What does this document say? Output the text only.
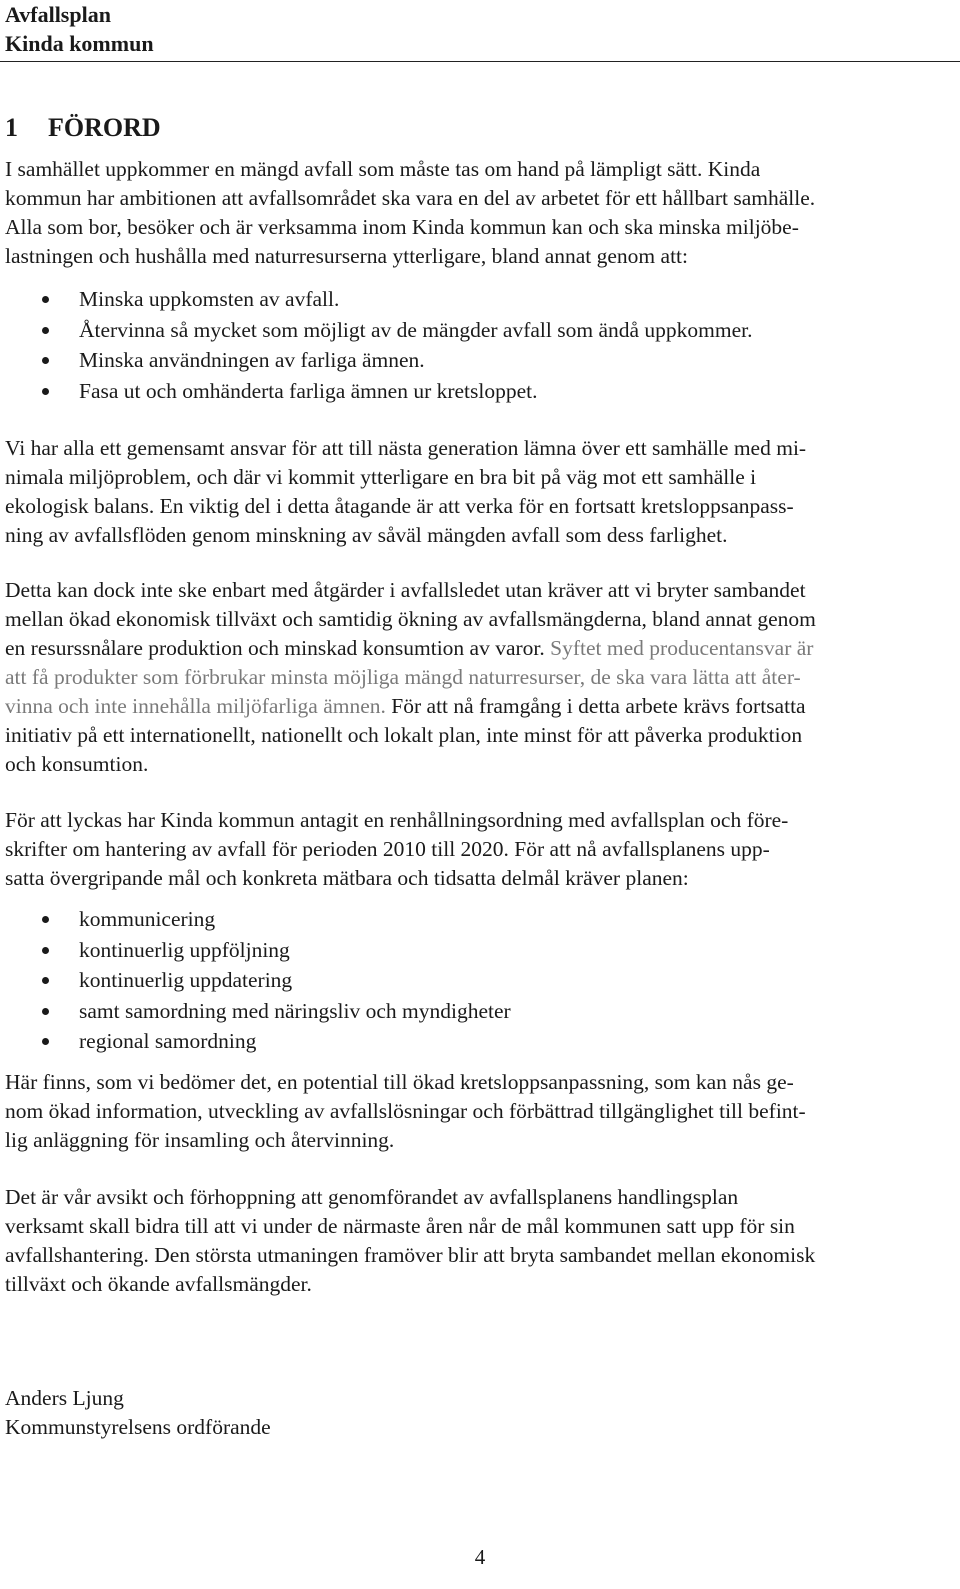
Avfallsplan
Kinda kommun
1 FÖRORD
I samhället uppkommer en mängd avfall som måste tas om hand på lämpligt sätt. Kinda
kommun har ambitionen att avfallsområdet ska vara en del av arbetet för ett hållbart samhälle.
Alla som bor, besöker och är verksamma inom Kinda kommun kan och ska minska miljöbe-
lastningen och hushålla med naturresurserna ytterligare, bland annat genom att:
Minska uppkomsten av avfall.
Återvinna så mycket som möjligt av de mängder avfall som ändå uppkommer.
Minska användningen av farliga ämnen.
Fasa ut och omhänderta farliga ämnen ur kretsloppet.
Vi har alla ett gemensamt ansvar för att till nästa generation lämna över ett samhälle med mi-
nimala miljöproblem, och där vi kommit ytterligare en bra bit på väg mot ett samhälle i
ekologisk balans. En viktig del i detta åtagande är att verka för en fortsatt kretsloppsanpass-
ning av avfallsflöden genom minskning av såväl mängden avfall som dess farlighet.
Detta kan dock inte ske enbart med åtgärder i avfallsledet utan kräver att vi bryter sambandet
mellan ökad ekonomisk tillväxt och samtidig ökning av avfallsmängderna, bland annat genom
en resurssnålare produktion och minskad konsumtion av varor. Syftet med producentansvar är
att få produkter som förbrukar minsta möjliga mängd naturresurser, de ska vara lätta att åter-
vinna och inte innehålla miljöfarliga ämnen. För att nå framgång i detta arbete krävs fortsatta
initiativ på ett internationellt, nationellt och lokalt plan, inte minst för att påverka produktion
och konsumtion.
För att lyckas har Kinda kommun antagit en renhållningsordning med avfallsplan och före-
skrifter om hantering av avfall för perioden 2010 till 2020. För att nå avfallsplanens upp-
satta övergripande mål och konkreta mätbara och tidsatta delmål kräver planen:
kommunicering
kontinuerlig uppföljning
kontinuerlig uppdatering
samt samordning med näringsliv och myndigheter
regional samordning
Här finns, som vi bedömer det, en potential till ökad kretsloppsanpassning, som kan nås ge-
nom ökad information, utveckling av avfallslösningar och förbättrad tillgänglighet till befint-
lig anläggning för insamling och återvinning.
Det är vår avsikt och förhoppning att genomförandet av avfallsplanens handlingsplan
verksamt skall bidra till att vi under de närmaste åren når de mål kommunen satt upp för sin
avfallshantering. Den största utmaningen framöver blir att bryta sambandet mellan ekonomisk
tillväxt och ökande avfallsmängder.
Anders Ljung
Kommunstyrelsens ordförande
4
